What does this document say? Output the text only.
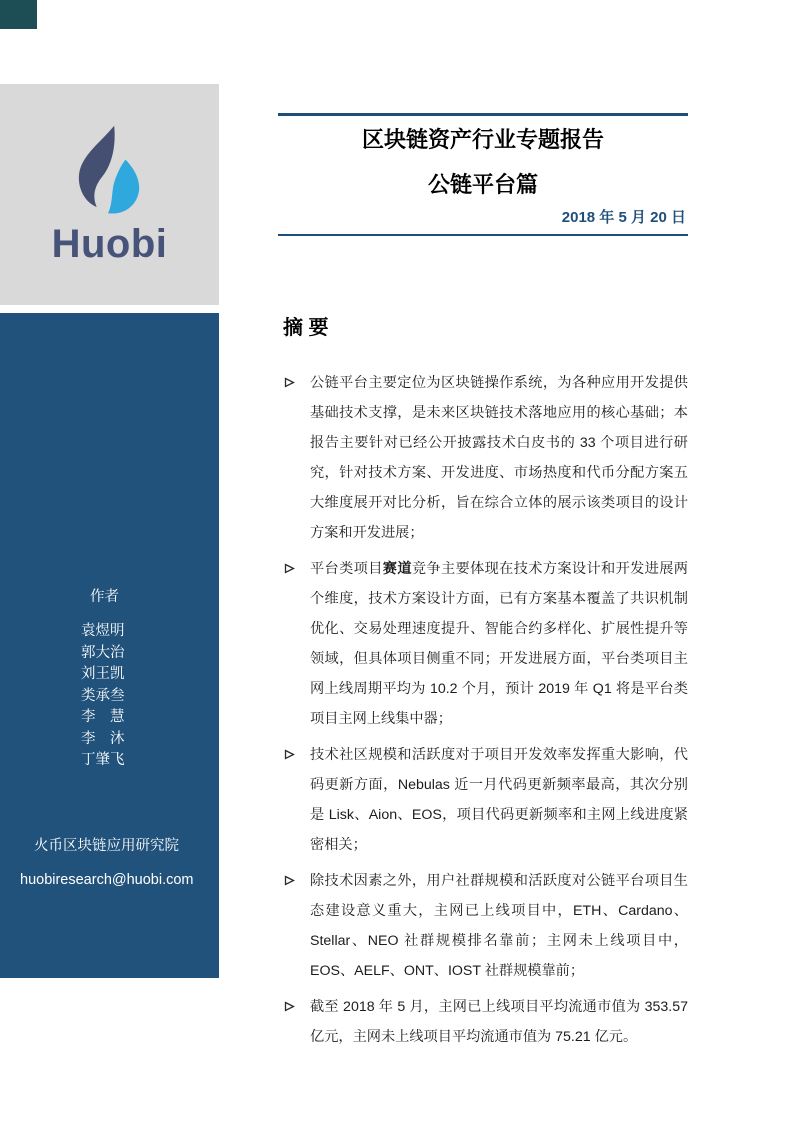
Huobi
作者
袁煜明
郭大治
刘王凯
类承叁
李　慧
李　沐
丁肇飞
火币区块链应用研究院
huobiresearch@huobi.com
区块链资产行业专题报告
公链平台篇
2018 年 5 月 20 日
摘 要

公链平台主要定位为区块链操作系统，为各种应用开发提供基础技术支撑，是未来区块链技术落地应用的核心基础；本报告主要针对已经公开披露技术白皮书的 33 个项目进行研究，针对技术方案、开发进度、市场热度和代币分配方案五大维度展开对比分析，旨在综合立体的展示该类项目的设计方案和开发进展；

平台类项目赛道竞争主要体现在技术方案设计和开发进展两个维度，技术方案设计方面，已有方案基本覆盖了共识机制优化、交易处理速度提升、智能合约多样化、扩展性提升等领域，但具体项目侧重不同；开发进展方面，平台类项目主网上线周期平均为 10.2 个月，预计 2019 年 Q1 将是平台类项目主网上线集中器；

技术社区规模和活跃度对于项目开发效率发挥重大影响，代码更新方面，Nebulas 近一月代码更新频率最高，其次分别是 Lisk、Aion、EOS，项目代码更新频率和主网上线进度紧密相关；

除技术因素之外，用户社群规模和活跃度对公链平台项目生态建设意义重大，主网已上线项目中，ETH、Cardano、Stellar、NEO 社群规模排名靠前；主网未上线项目中，EOS、AELF、ONT、IOST 社群规模靠前；

截至 2018 年 5 月，主网已上线项目平均流通市值为 353.57 亿元，主网未上线项目平均流通市值为 75.21 亿元。
